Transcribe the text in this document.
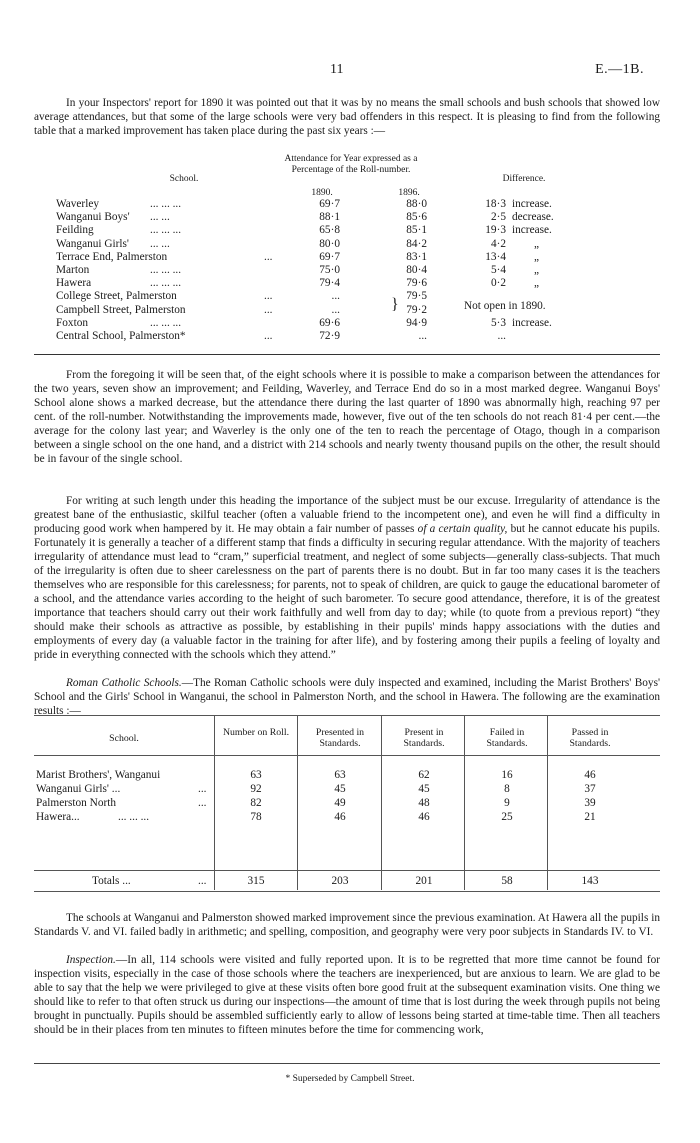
11	E.—1B.

In your Inspectors' report for 1890 it was pointed out that it was by no means the small schools and bush schools that showed low average attendances, but that some of the large schools were very bad offenders in this respect. It is pleasing to find from the following table that a marked improvement has taken place during the past six years :—

School.
Attendance for Year expressed as a Percentage of the Roll-number.
1890.	1896.
Difference.
Waverley	... ... ...	69·7	88·0	18·3 increase.
Wanganui Boys' ... ...	88·1	85·6	2·5 decrease.
Feilding	... ... ...	65·8	85·1	19·3 increase.
Wanganui Girls' ... ...	80·0	84·2	4·2 „
Terrace End, Palmerston	...	69·7	83·1	13·4 „
Marton	... ... ...	75·0	80·4	5·4 „
Hawera	... ... ...	79·4	79·6	0·2 „
College Street, Palmerston	...	...	79·5
Campbell Street, Palmerston	...	...	79·2
Foxton	... ... ...	69·6	94·9	5·3 increase.
Central School, Palmerston*	...	72·9	...	...
}	Not open in 1890.

From the foregoing it will be seen that, of the eight schools where it is possible to make a comparison between the attendances for the two years, seven show an improvement; and Feilding, Waverley, and Terrace End do so in a most marked degree. Wanganui Boys' School alone shows a marked decrease, but the attendance there during the last quarter of 1890 was abnormally high, reaching 97 per cent. of the roll-number. Notwithstanding the improvements made, however, five out of the ten schools do not reach 81·4 per cent.—the average for the colony last year; and Waverley is the only one of the ten to reach the percentage of Otago, though in a comparison between a single school on the one hand, and a district with 214 schools and nearly twenty thousand pupils on the other, the result should be in favour of the single school.

For writing at such length under this heading the importance of the subject must be our excuse. Irregularity of attendance is the greatest bane of the enthusiastic, skilful teacher (often a valuable friend to the incompetent one), and even he will find a difficulty in producing good work when hampered by it. He may obtain a fair number of passes of a certain quality, but he cannot educate his pupils. Fortunately it is generally a teacher of a different stamp that finds a difficulty in securing regular attendance. With the majority of teachers irregularity of attendance must lead to “cram,” superficial treatment, and neglect of some subjects—generally class-subjects. That much of the irregularity is often due to sheer carelessness on the part of parents there is no doubt. But in far too many cases it is the teachers themselves who are responsible for this carelessness; for parents, not to speak of children, are quick to gauge the educational barometer of a school, and the attendance varies according to the height of such barometer. To secure good attendance, therefore, it is of the greatest importance that teachers should carry out their work faithfully and well from day to day; while (to quote from a previous report) “they should make their schools as attractive as possible, by establishing in their pupils' minds happy associations with the duties and employments of every day (a valuable factor in the training for after life), and by fostering among their pupils a feeling of loyalty and pride in everything connected with the schools which they attend.”

Roman Catholic Schools.—The Roman Catholic schools were duly inspected and examined, including the Marist Brothers' Boys' School and the Girls' School in Wanganui, the school in Palmerston North, and the school in Hawera. The following are the examination results :—

School.
Number on Roll.	Presented in Standards.
Present in Standards.
Failed in Standards.
Passed in Standards.
Marist Brothers', Wanganui	63	63	62	16	46
Wanganui Girls' ...	...	92	45	45	8	37
Palmerston North	...	82	49	48	9	39
Hawera...	... ... ...	78	46	46	25	21
Totals ...	...	315	203	201	58	143

The schools at Wanganui and Palmerston showed marked improvement since the previous examination. At Hawera all the pupils in Standards V. and VI. failed badly in arithmetic; and spelling, composition, and geography were very poor subjects in Standards IV. to VI.

Inspection.—In all, 114 schools were visited and fully reported upon. It is to be regretted that more time cannot be found for inspection visits, especially in the case of those schools where the teachers are inexperienced, but are anxious to learn. We are glad to be able to say that the help we were privileged to give at these visits often bore good fruit at the subsequent examination visits. One thing we should like to refer to that often struck us during our inspections—the amount of time that is lost during the week through pupils not being brought in punctually. Pupils should be assembled sufficiently early to allow of lessons being started at time-table time. Then all teachers should be in their places from ten minutes to fifteen minutes before the time for commencing work,

* Superseded by Campbell Street.
